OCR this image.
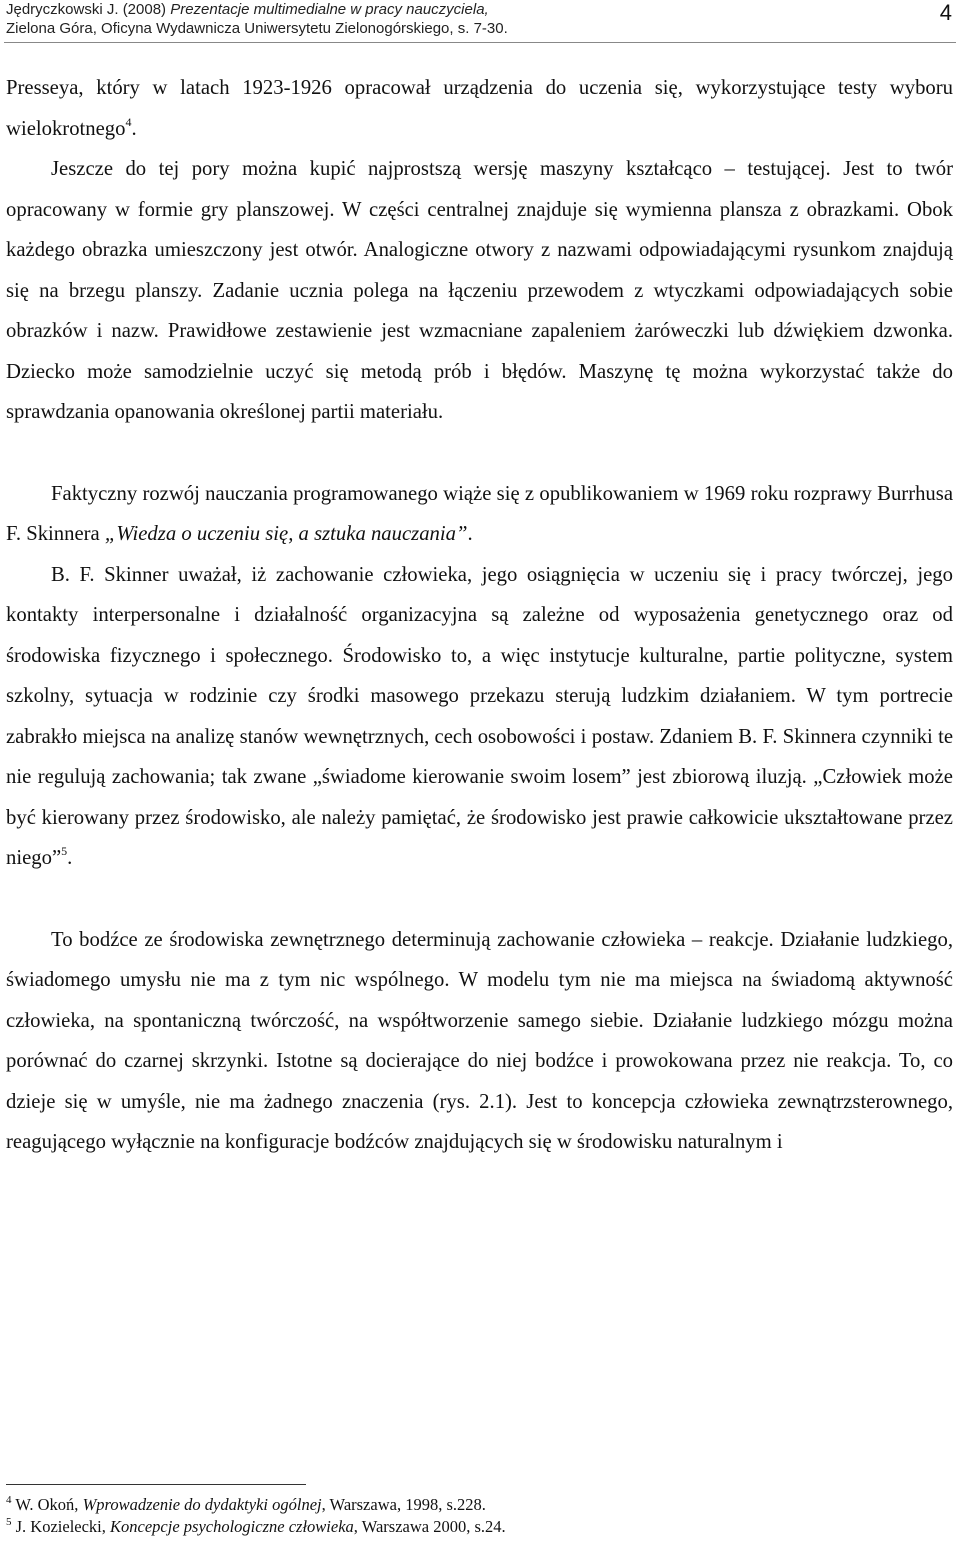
Jędryczkowski J. (2008) Prezentacje multimedialne w pracy nauczyciela,
Zielona Góra, Oficyna Wydawnicza Uniwersytetu Zielonogórskiego, s. 7-30.
4

Presseya, który w latach 1923-1926 opracował urządzenia do uczenia się, wykorzystujące testy wyboru wielokrotnego$^4$.

Jeszcze do tej pory można kupić najprostszą wersję maszyny kształcąco – testującej. Jest to twór opracowany w formie gry planszowej. W części centralnej znajduje się wymienna plansza z obrazkami. Obok każdego obrazka umieszczony jest otwór. Analogiczne otwory z nazwami odpowiadającymi rysunkom znajdują się na brzegu planszy. Zadanie ucznia polega na łączeniu przewodem z wtyczkami odpowiadających sobie obrazków i nazw. Prawidłowe zestawienie jest wzmacniane zapaleniem żaróweczki lub dźwiękiem dzwonka. Dziecko może samodzielnie uczyć się metodą prób i błędów. Maszynę tę można wykorzystać także do sprawdzania opanowania określonej partii materiału.

Faktyczny rozwój nauczania programowanego wiąże się z opublikowaniem w 1969 roku rozprawy Burrhusa F. Skinnera „Wiedza o uczeniu się, a sztuka nauczania”.

B. F. Skinner uważał, iż zachowanie człowieka, jego osiągnięcia w uczeniu się i pracy twórczej, jego kontakty interpersonalne i działalność organizacyjna są zależne od wyposażenia genetycznego oraz od środowiska fizycznego i społecznego. Środowisko to, a więc instytucje kulturalne, partie polityczne, system szkolny, sytuacja w rodzinie czy środki masowego przekazu sterują ludzkim działaniem. W tym portrecie zabrakło miejsca na analizę stanów wewnętrznych, cech osobowości i postaw. Zdaniem B. F. Skinnera czynniki te nie regulują zachowania; tak zwane „świadome kierowanie swoim losem” jest zbiorową iluzją. „Człowiek może być kierowany przez środowisko, ale należy pamiętać, że środowisko jest prawie całkowicie ukształtowane przez niego”$^5$.

To bodźce ze środowiska zewnętrznego determinują zachowanie człowieka – reakcje. Działanie ludzkiego, świadomego umysłu nie ma z tym nic wspólnego. W modelu tym nie ma miejsca na świadomą aktywność człowieka, na spontaniczną twórczość, na współtworzenie samego siebie. Działanie ludzkiego mózgu można porównać do czarnej skrzynki. Istotne są docierające do niej bodźce i prowokowana przez nie reakcja. To, co dzieje się w umyśle, nie ma żadnego znaczenia (rys. 2.1). Jest to koncepcja człowieka zewnątrzsterownego, reagującego wyłącznie na konfiguracje bodźców znajdujących się w środowisku naturalnym i

$^4$ W. Okoń, Wprowadzenie do dydaktyki ogólnej, Warszawa, 1998, s.228.
$^5$ J. Kozielecki, Koncepcje psychologiczne człowieka, Warszawa 2000, s.24.
